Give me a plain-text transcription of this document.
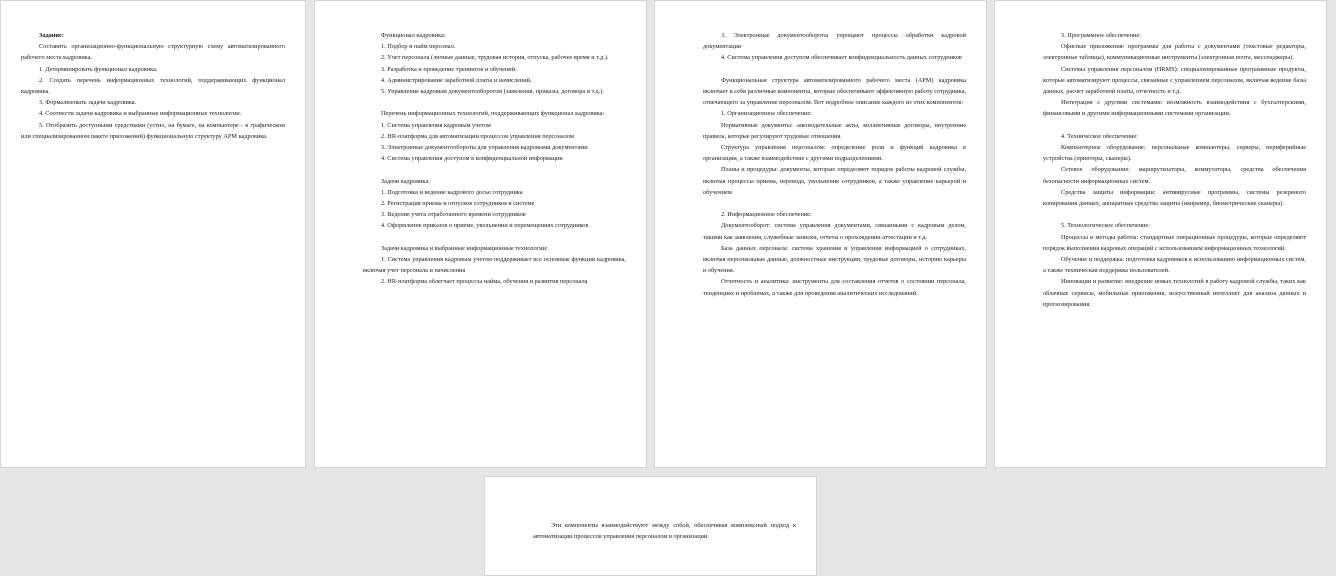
Задание:

Составить организационно-функциональную структурную схему автоматизированного рабочего места кадровика.

1. Детерминировать функционал кадровика.

2. Создать перечень информационных технологий, поддерживающих функционал кадровика.

3. Формализовать задачи кадровика.

4. Соотнести задачи кадровика и выбранные информационные технологии.

5. Отобразить доступными средствами (устно, на бумаге, на компьютере - в графическом или специализированном пакете приложений) функциональную структуру АРМ кадровика.

Функционал кадровика:

1. Подбор и найм персонал.

2. Учет персонала (личные данные, трудовая история, отпуска, рабочее время и т.д.).

3. Разработка и проведение тренингов и обучений.

4. Администрирование заработной платы и начислений.

5. Управление кадровым документооборотом (заявления, приказы, договора и т.д.).

Перечень информационных технологий, поддерживающих функционал кадровика:

1. Система управления кадровым учетом

2. HR-платформа для автоматизации процессов управления персоналом

3. Электронные документообороты для управления кадровыми документами

4. Система управления доступом к конфиденциальной информации

Задачи кадровика:

1. Подготовка и ведение кадрового досье сотрудника

2. Регистрация приема и отпусков сотрудников в системе

3. Ведение учета отработанного времени сотрудников

4. Оформление приказов о приеме, увольнении и перемещениях сотрудников

Задачи кадровика и выбранные информационные технологии:

1. Система управления кадровым учетом поддерживает все основные функции кадровика, включая учет персонала и начисления

2. HR-платформа облегчает процессы найма, обучения и развития персонала

3. Электронные документообороты упрощают процессы обработки кадровой документации

4. Система управления доступом обеспечивает конфиденциальность данных сотрудников

Функциональная структура автоматизированного рабочего места (АРМ) кадровика включает в себя различные компоненты, которые обеспечивают эффективную работу сотрудника, отвечающего за управление персоналом. Вот подробное описание каждого из этих компонентов:

1. Организационное обеспечение:

Нормативные документы: законодательные акты, коллективные договоры, внутренние правила, которые регулируют трудовые отношения.

Структура управления персоналом: определение роли и функций кадровика в организации, а также взаимодействие с другими подразделениями.

Планы и процедуры: документы, которые определяют порядок работы кадровой службы, включая процессы приема, перевода, увольнения сотрудников, а также управление карьерой и обучением.

2. Информационное обеспечение:

Документооборот: система управления документами, связанными с кадровым делом, такими как заявления, служебные записки, отчеты о прохождении аттестации и т.д.

База данных персонала: система хранения и управления информацией о сотрудниках, включая персональные данные, должностные инструкции, трудовые договоры, историю карьеры и обучения.

Отчетность и аналитика: инструменты для составления отчетов о состоянии персонала, тенденциях и проблемах, а также для проведения аналитических исследований.

3. Программное обеспечение:

Офисные приложения: программы для работы с документами (текстовые редакторы, электронные таблицы), коммуникационные инструменты (электронная почта, мессенджеры).

Системы управления персоналом (HRMS): специализированные программные продукты, которые автоматизируют процессы, связанные с управлением персоналом, включая ведение базы данных, расчет заработной платы, отчетность и т.д.

Интеграция с другими системами: возможность взаимодействия с бухгалтерскими, финансовыми и другими информационными системами организации.

4. Техническое обеспечение:

Компьютерное оборудование: персональные компьютеры, серверы, периферийные устройства (принтеры, сканеры).

Сетевое оборудование: маршрутизаторы, коммутаторы, средства обеспечения безопасности информационных систем.

Средства защиты информации: антивирусные программы, системы резервного копирования данных, аппаратные средства защиты (например, биометрические сканеры).

5. Технологическое обеспечение:

Процессы и методы работы: стандартные операционные процедуры, которые определяют порядок выполнения кадровых операций с использованием информационных технологий.

Обучение и поддержка: подготовка кадровиков к использованию информационных систем, а также техническая поддержка пользователей.

Инновации и развитие: внедрение новых технологий в работу кадровой службы, таких как облачные сервисы, мобильные приложения, искусственный интеллект для анализа данных и прогнозирования.

Эти компоненты взаимодействуют между собой, обеспечивая комплексный подход к автоматизации процессов управления персоналом в организации.
